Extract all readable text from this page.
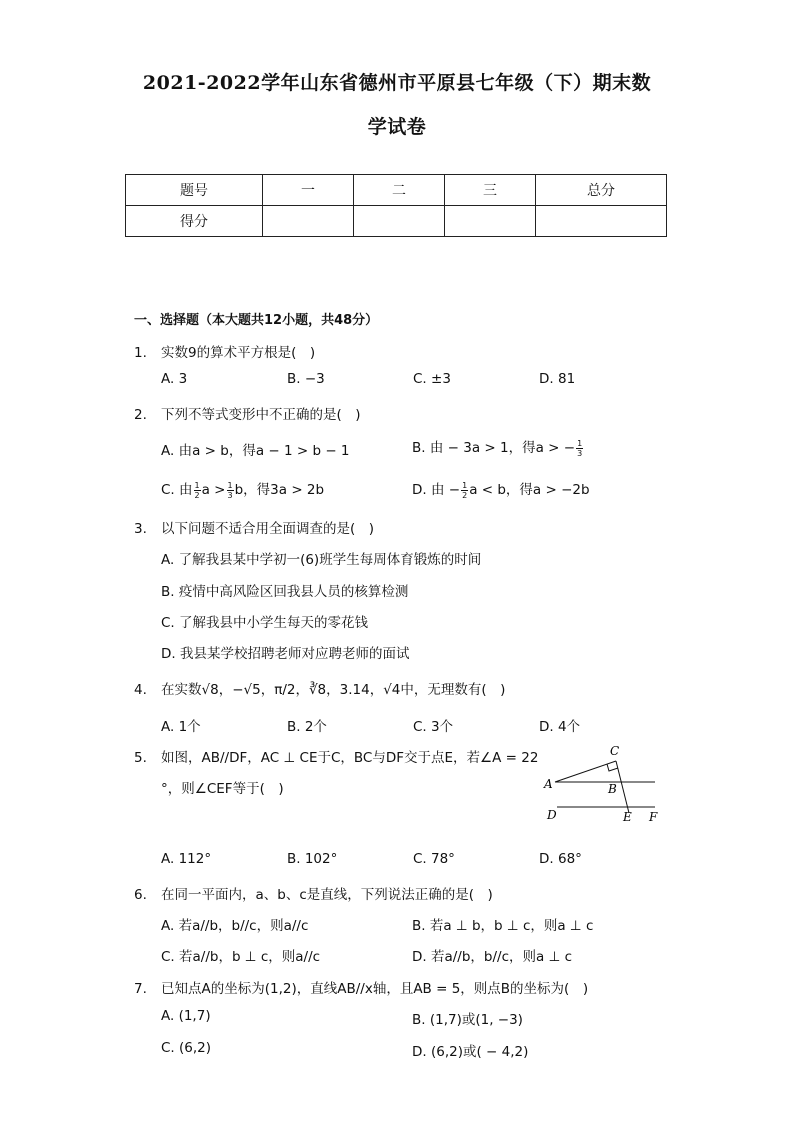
2021-2022学年山东省德州市平原县七年级（下）期末数
学试卷
题号	一	二	三	总分
得分				
一、选择题（本大题共12小题，共48分）
1. 实数9的算术平方根是(　)
A. 3	B. −3	C. ±3	D. 81
2. 下列不等式变形中不正确的是(　)
A. 由a > b，得a − 1 > b − 1	B. 由 − 3a > 1，得a > − $\frac{1}{3}$
C. 由 $\frac{1}{2}$ $a > \frac{1}{3}$ b，得3a > 2b	D. 由 − $\frac{1}{2}$ a < b，得a > −2b
3. 以下问题不适合用全面调查的是(　)
A. 了解我县某中学初一(6)班学生每周体育锻炼的时间
B. 疫情中高风险区回我县人员的核算检测
C. 了解我县中小学生每天的零花钱
D. 我县某学校招聘老师对应聘老师的面试
4. 在实数√8，−√5，π/2，∛8，3.14，√4中，无理数有(　)
A. 1个	B. 2个	C. 3个	D. 4个
5. 如图，AB//DF，AC ⊥ CE于C，BC与DF交于点E，若∠A = 22
°，则∠CEF等于(　)
C
A	B
D	E F
A. 112°	B. 102°	C. 78°	D. 68°
6. 在同一平面内，a、b、c是直线，下列说法正确的是(　)
A. 若a//b，b//c，则a//c	B. 若a ⊥ b，b ⊥ c，则a ⊥ c
C. 若a//b，b ⊥ c，则a//c	D. 若a//b，b//c，则a ⊥ c
7. 已知点A的坐标为(1,2)，直线AB//x轴，且AB = 5，则点B的坐标为(　)
A. (1,7)	B. (1,7)或(1, −3)
C. (6,2)	D. (6,2)或( − 4,2)
